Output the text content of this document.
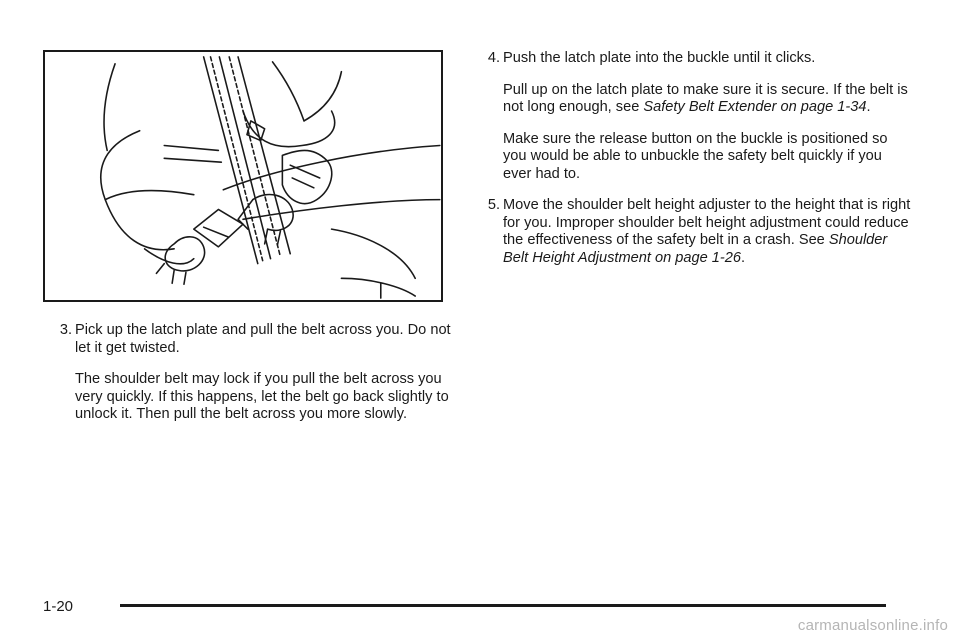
3. Pick up the latch plate and pull the belt across you. Do not let it get twisted.

The shoulder belt may lock if you pull the belt across you very quickly. If this happens, let the belt go back slightly to unlock it. Then pull the belt across you more slowly.

4. Push the latch plate into the buckle until it clicks.

Pull up on the latch plate to make sure it is secure. If the belt is not long enough, see Safety Belt Extender on page 1-34.

Make sure the release button on the buckle is positioned so you would be able to unbuckle the safety belt quickly if you ever had to.

5. Move the shoulder belt height adjuster to the height that is right for you. Improper shoulder belt height adjustment could reduce the effectiveness of the safety belt in a crash. See Shoulder Belt Height Adjustment on page 1-26.

1-20
carmanualsonline.info
